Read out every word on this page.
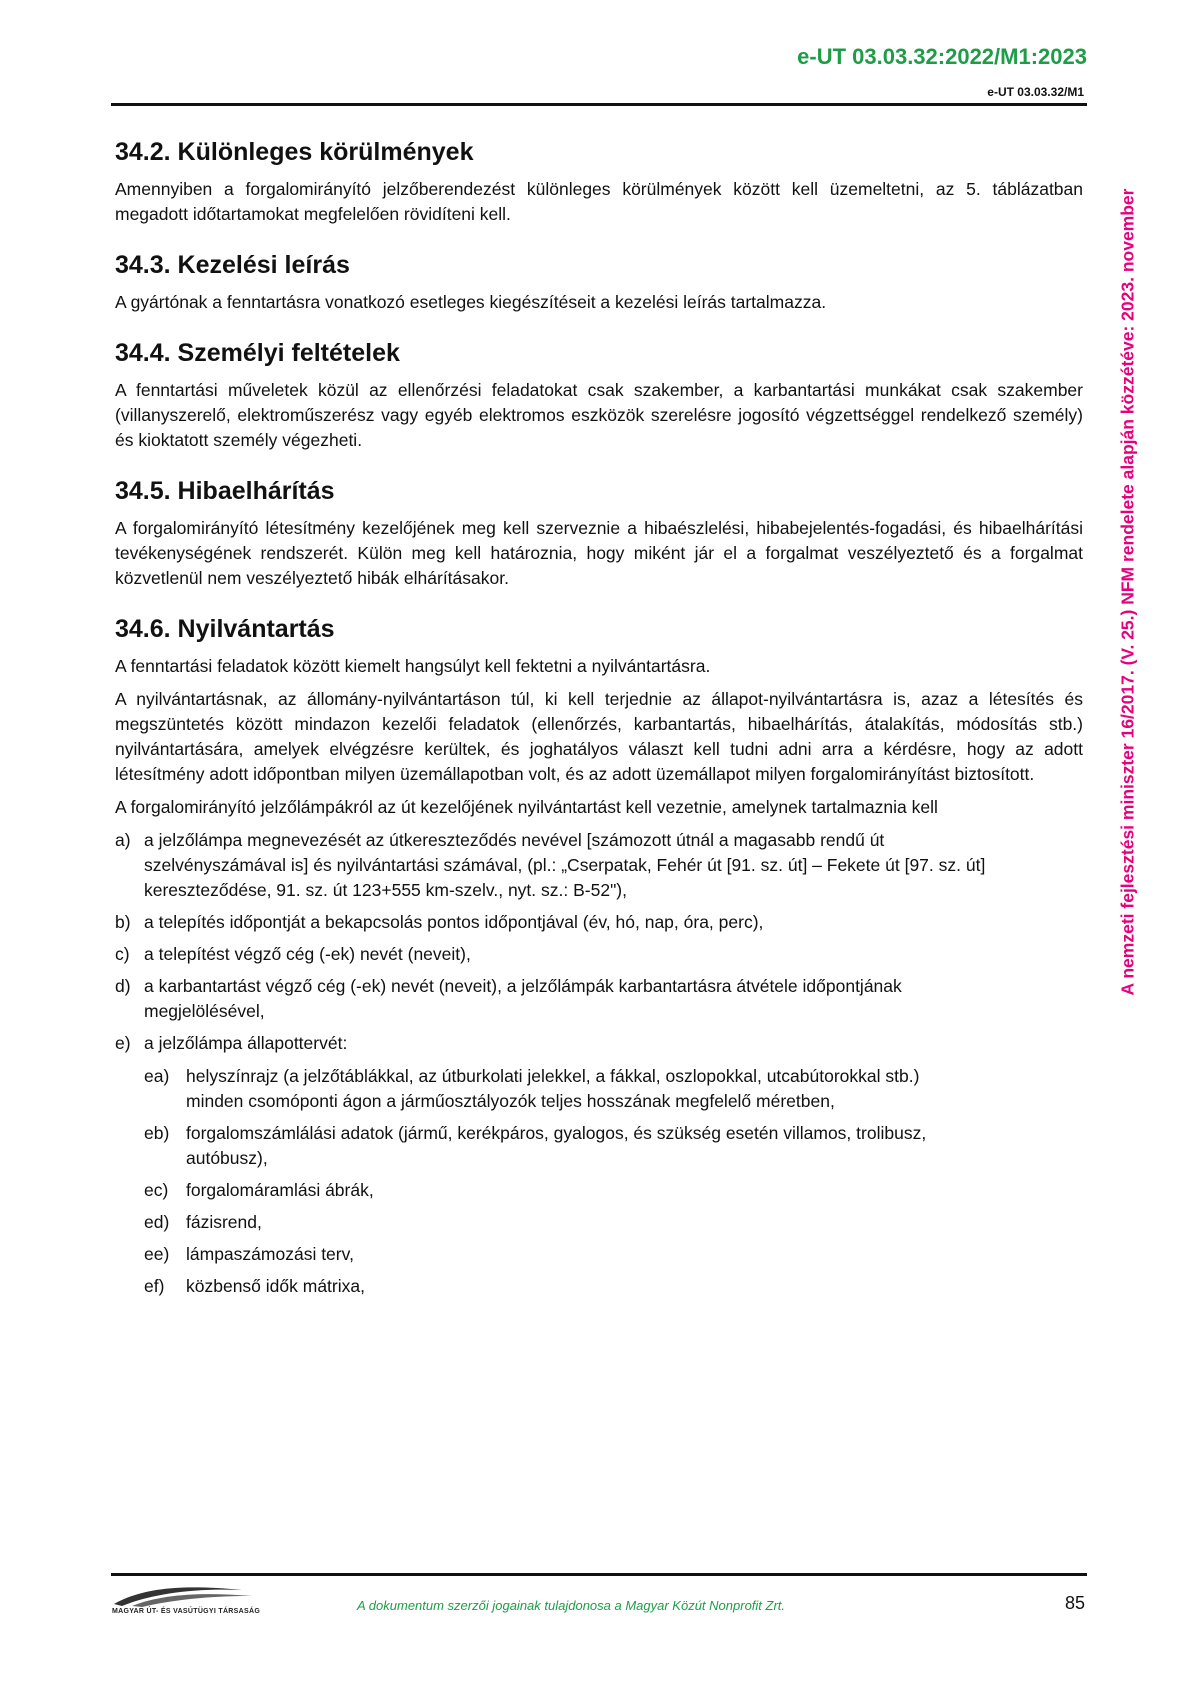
e-UT 03.03.32:2022/M1:2023
e-UT 03.03.32/M1
34.2. Különleges körülmények

Amennyiben a forgalomirányító jelzőberendezést különleges körülmények között kell üzemeltetni, az 5. táblázatban megadott időtartamokat megfelelően rövidíteni kell.

34.3. Kezelési leírás

A gyártónak a fenntartásra vonatkozó esetleges kiegészítéseit a kezelési leírás tartalmazza.

34.4. Személyi feltételek

A fenntartási műveletek közül az ellenőrzési feladatokat csak szakember, a karbantartási munkákat csak szakember (villanyszerelő, elektroműszerész vagy egyéb elektromos eszközök szerelésre jogosító végzettséggel rendelkező személy) és kioktatott személy végezheti.

34.5. Hibaelhárítás

A forgalomirányító létesítmény kezelőjének meg kell szerveznie a hibaészlelési, hibabejelentés-fogadási, és hibaelhárítási tevékenységének rendszerét. Külön meg kell határoznia, hogy miként jár el a forgalmat veszélyeztető és a forgalmat közvetlenül nem veszélyeztető hibák elhárításakor.

34.6. Nyilvántartás

A fenntartási feladatok között kiemelt hangsúlyt kell fektetni a nyilvántartásra.

A nyilvántartásnak, az állomány-nyilvántartáson túl, ki kell terjednie az állapot-nyilvántartásra is, azaz a létesítés és megszüntetés között mindazon kezelői feladatok (ellenőrzés, karbantartás, hibaelhárítás, átalakítás, módosítás stb.) nyilvántartására, amelyek elvégzésre kerültek, és joghatályos választ kell tudni adni arra a kérdésre, hogy az adott létesítmény adott időpontban milyen üzemállapotban volt, és az adott üzemállapot milyen forgalomirányítást biztosított.

A forgalomirányító jelzőlámpákról az út kezelőjének nyilvántartást kell vezetnie, amelynek tartalmaznia kell

a) a jelzőlámpa megnevezését az útkereszteződés nevével [számozott útnál a magasabb rendű út szelvényszámával is] és nyilvántartási számával, (pl.: „Cserpatak, Fehér út [91. sz. út] – Fekete út [97. sz. út] kereszteződése, 91. sz. út 123+555 km-szelv., nyt. sz.: B-52"),
b) a telepítés időpontját a bekapcsolás pontos időpontjával (év, hó, nap, óra, perc),
c) a telepítést végző cég (-ek) nevét (neveit),
d) a karbantartást végző cég (-ek) nevét (neveit), a jelzőlámpák karbantartásra átvétele időpontjának megjelölésével,
e) a jelzőlámpa állapottervét:
ea) helyszínrajz (a jelzőtáblákkal, az útburkolati jelekkel, a fákkal, oszlopokkal, utcabútorokkal stb.) minden csomóponti ágon a járműosztályozók teljes hosszának megfelelő méretben,
eb) forgalomszámlálási adatok (jármű, kerékpáros, gyalogos, és szükség esetén villamos, trolibusz, autóbusz),
ec) forgalomáramlási ábrák,
ed) fázisrend,
ee) lámpaszámozási terv,
ef) közbenső idők mátrixa,
A nemzeti fejlesztési miniszter 16/2017. (V. 25.) NFM rendelete alapján közzétéve: 2023. november
MAGYAR ÚT- ÉS VASÚTÜGYI TÁRSASÁG	A dokumentum szerzői jogainak tulajdonosa a Magyar Közút Nonprofit Zrt.	85
